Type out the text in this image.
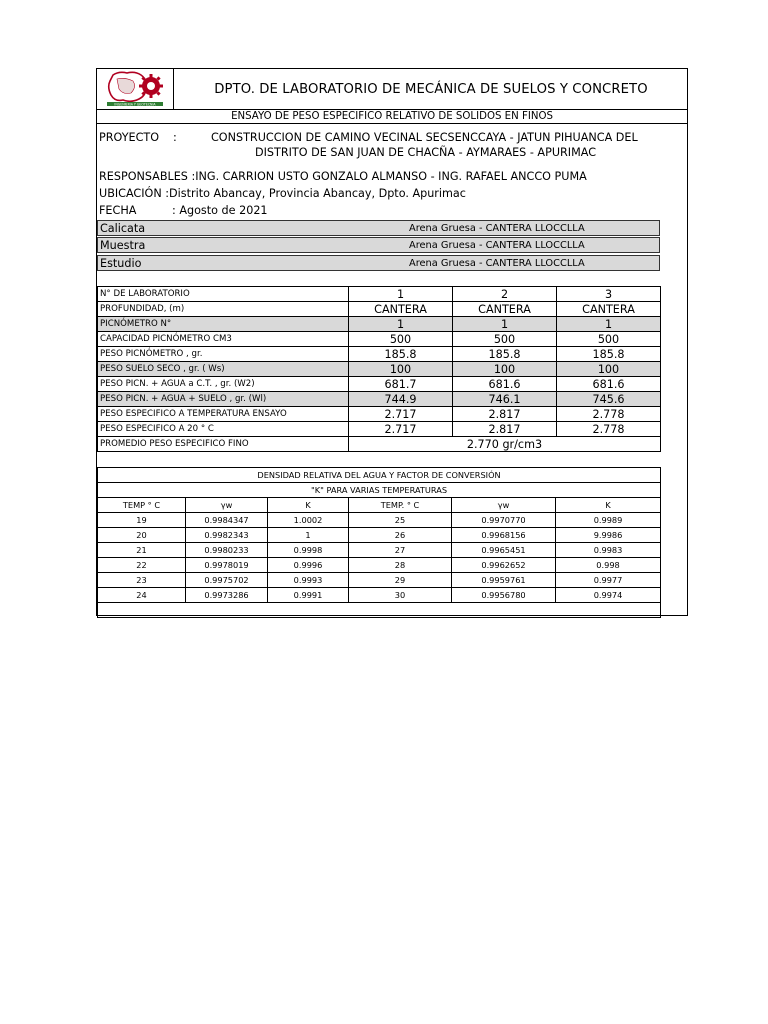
INGENIERIA Y GEOTECNIA
DPTO. DE LABORATORIO DE MECÁNICA DE SUELOS Y CONCRETO
ENSAYO DE PESO ESPECIFICO RELATIVO DE SOLIDOS EN FINOS
PROYECTO :	CONSTRUCCION DE CAMINO VECINAL SECSENCCAYA - JATUN PIHUANCA DEL
DISTRITO DE SAN JUAN DE CHACÑA - AYMARAES - APURIMAC
RESPONSABLES :ING. CARRION USTO GONZALO ALMANSO - ING. RAFAEL ANCCO PUMA
UBICACIÓN :Distrito Abancay, Provincia Abancay, Dpto. Apurimac
FECHA	: Agosto de 2021
Calicata	Arena Gruesa - CANTERA LLOCCLLA
Muestra	Arena Gruesa - CANTERA LLOCCLLA
Estudio	Arena Gruesa - CANTERA LLOCCLLA
N° DE LABORATORIO	1	2	3
PROFUNDIDAD, (m)	CANTERA	CANTERA	CANTERA
PICNÓMETRO N°	1	1	1
CAPACIDAD PICNÓMETRO CM3	500	500	500
PESO PICNÓMETRO , gr.	185.8	185.8	185.8
PESO SUELO SECO , gr. ( Ws)	100	100	100
PESO PICN. + AGUA a C.T. , gr. (W2)	681.7	681.6	681.6
PESO PICN. + AGUA + SUELO , gr. (Wl)	744.9	746.1	745.6
PESO ESPECIFICO A TEMPERATURA ENSAYO	2.717	2.817	2.778
PESO ESPECIFICO A 20 ° C	2.717	2.817	2.778
PROMEDIO PESO ESPECIFICO FINO	2.770 gr/cm3		
DENSIDAD RELATIVA DEL AGUA Y FACTOR DE CONVERSIÓN					
"K" PARA VARIAS TEMPERATURAS					
TEMP ° C	γw	K	TEMP. ° C	γw	K
19	0.9984347	1.0002	25	0.9970770	0.9989
20	0.9982343	1	26	0.9968156	9.9986
21	0.9980233	0.9998	27	0.9965451	0.9983
22	0.9978019	0.9996	28	0.9962652	0.998
23	0.9975702	0.9993	29	0.9959761	0.9977
24	0.9973286	0.9991	30	0.9956780	0.9974
